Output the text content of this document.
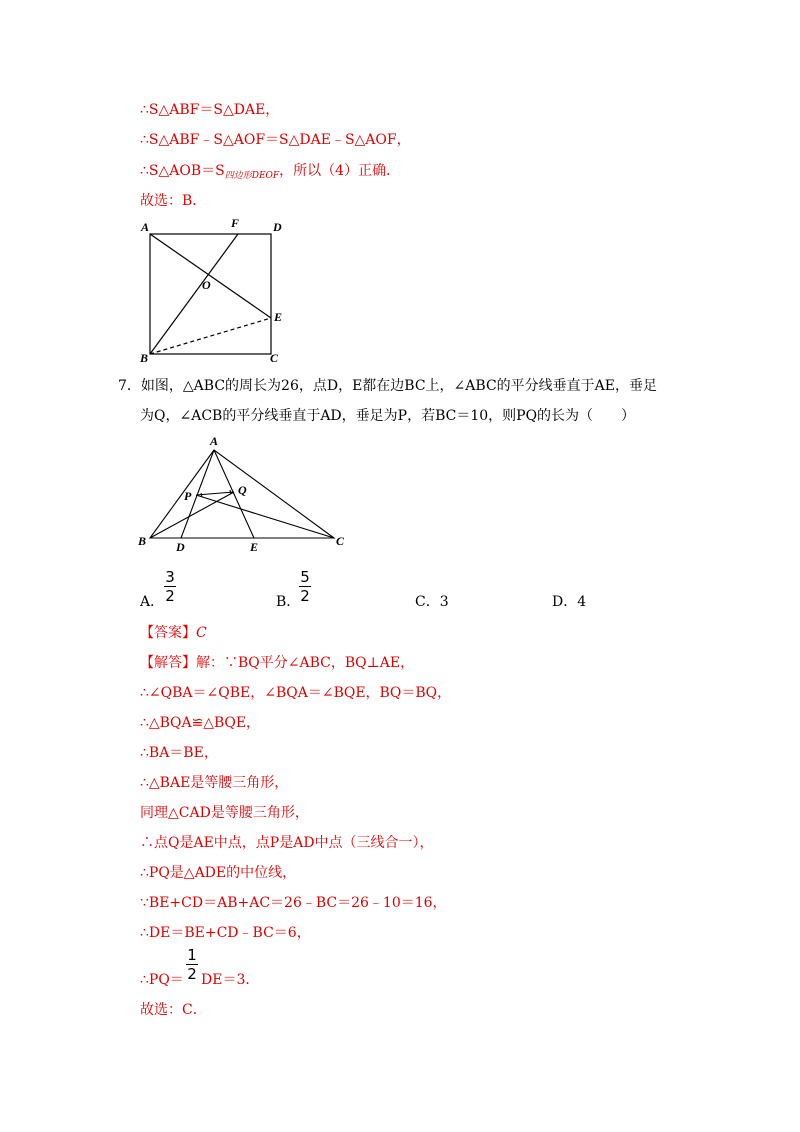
∴S△ABF＝S△DAE，
∴S△ABF﹣S△AOF＝S△DAE﹣S△AOF，
$\therefore S\triangle AOB=S_{四边形DEOF}$，所以（4）正确．
故选：B．
A	F	D
O
E
B	C
7．如图，△ABC的周长为26，点D，E都在边BC上，∠ABC的平分线垂直于AE，垂足
为Q，∠ACB的平分线垂直于AD，垂足为P，若BC＝10，则PQ的长为（　　）
A
P	Q
B D	E	C
A．
3
2	B．
5
2	C．3	D．4
【答案】C
【解答】解：∵BQ平分∠ABC，BQ⊥AE，
∴∠QBA＝∠QBE，∠BQA＝∠BQE，BQ＝BQ，
∴△BQA≌△BQE，
∴BA＝BE，
∴△BAE是等腰三角形，
同理△CAD是等腰三角形，
∴点Q是AE中点，点P是AD中点（三线合一），
∴PQ是△ADE的中位线，
∵BE+CD＝AB+AC＝26﹣BC＝26﹣10＝16，
∴DE＝BE+CD﹣BC＝6，
∴PQ＝
1
2 DE＝3．
故选：C．
